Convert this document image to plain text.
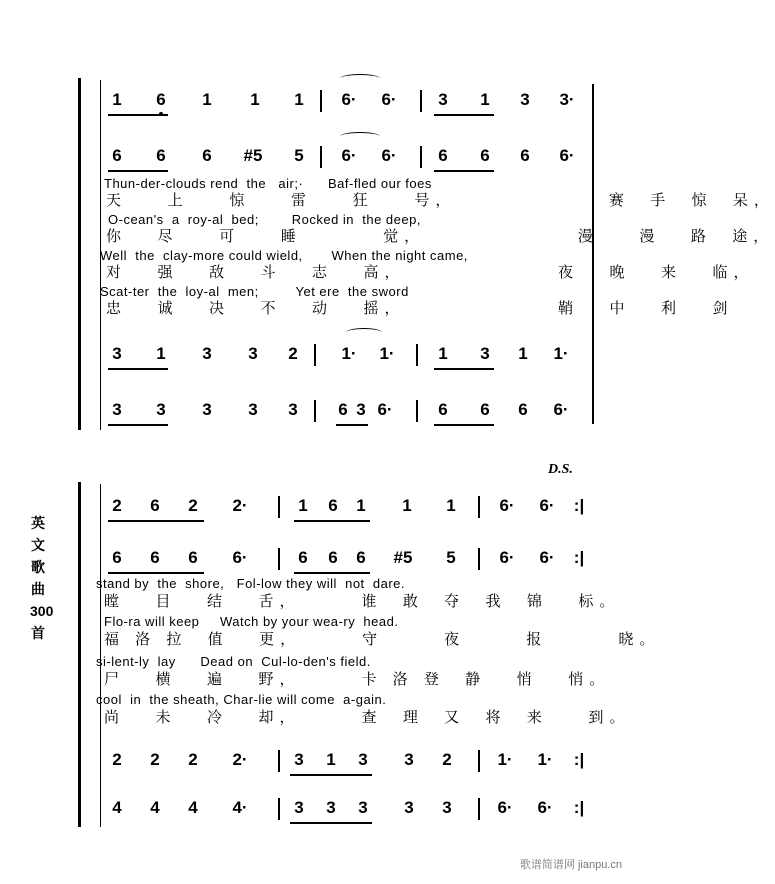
1 6 1 1 1 6· 6· 3 1 3 3·
6 6 6 #5 5 6· 6· 6 6 6 6·
Thun-der-clouds rend  the   air;·      Baf-fled our foes
天    上    惊    雷    狂    号，               赛  手  惊  呆，
O-cean's  a  roy-al  bed;        Rocked in  the deep,
你   尽    可    睡        觉，               漫    漫   路  途，
Well  the  clay-more could wield,       When the night came,
对   强   敌   斗   志   高，               夜   晚   来   临，
Scat-ter  the  loy-al  men;         Yet ere  the sword
忠   诚   决   不   动   摇，               鞘   中   利   剑
3 1 3 3 2	1· 1·	1 3 1 1·
3 3 3 3 3 6 3 6·	6 6 6 6·
D.S.
英文歌曲300首
2 6 2 2·	1 6 1 1 1	6· 6· :|
6 6 6 6·	6 6 6 #5 5	6· 6· :|
stand by  the  shore,   Fol-low they will  not  dare.
瞠   目   结   舌，      谁  敢  夺  我  锦   标。
Flo-ra will keep     Watch by your wea-ry  head.
福 洛 拉  值   更，      守      夜      报       晓。
si-lent-ly  lay      Dead on  Cul-lo-den's field.
尸   横   遍   野，      卡 洛 登  静   悄   悄。
cool  in  the sheath, Char-lie will come  a-gain.
尚   未   冷   却，      查  理  又  将  来    到。
2 2 2 2·	3 1 3 3 2	1· 1· :|
4 4 4 4·	3 3 3 3 3	6· 6· :|
歌谱简谱网 jianpu.cn
